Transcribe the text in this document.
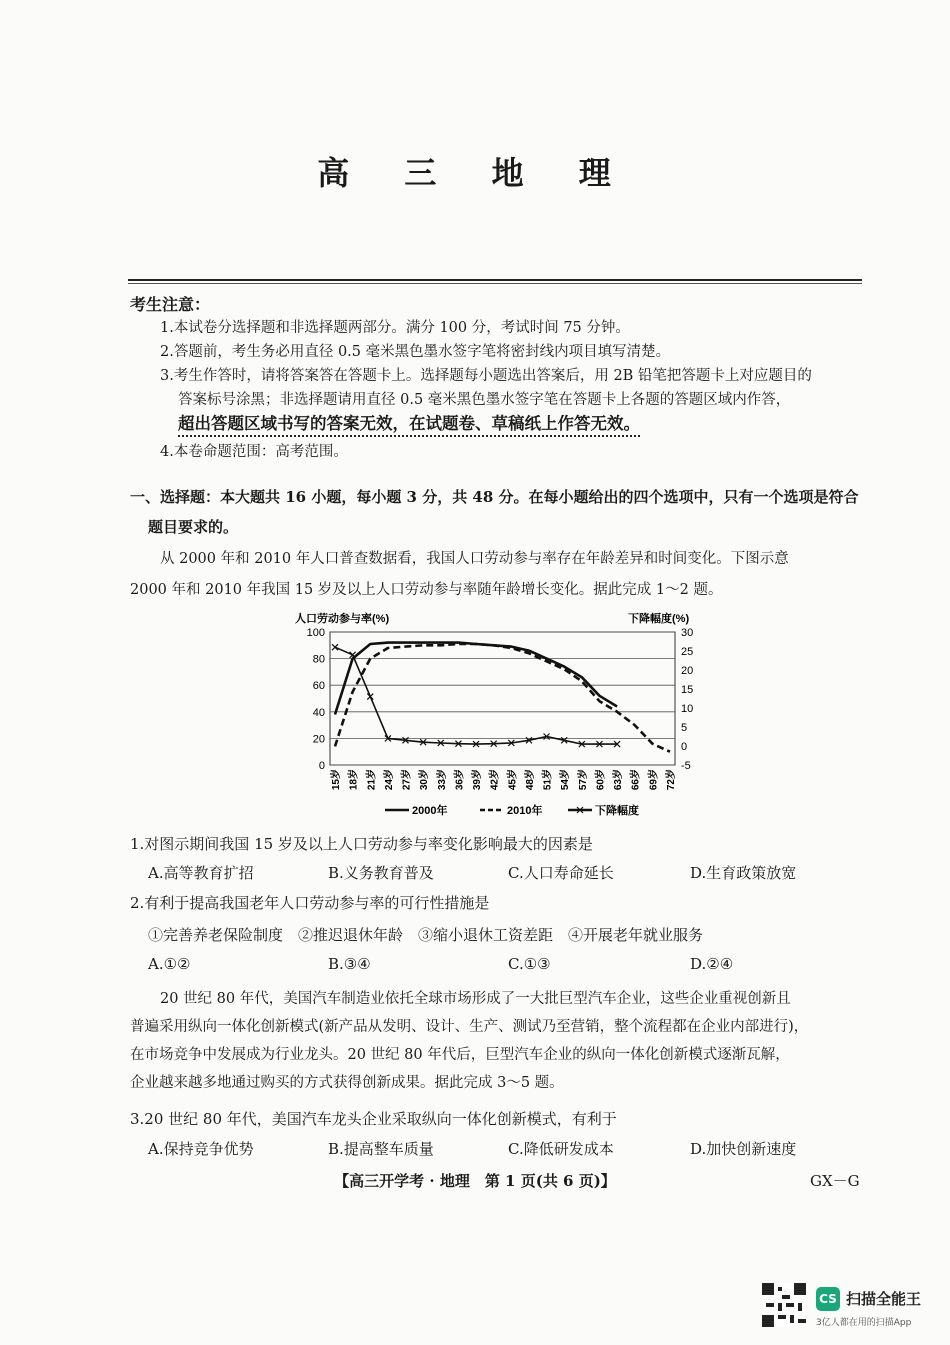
高 三 地 理
考生注意：
1.本试卷分选择题和非选择题两部分。满分 100 分，考试时间 75 分钟。
2.答题前，考生务必用直径 0.5 毫米黑色墨水签字笔将密封线内项目填写清楚。
3.考生作答时，请将答案答在答题卡上。选择题每小题选出答案后，用 2B 铅笔把答题卡上对应题目的
答案标号涂黑；非选择题请用直径 0.5 毫米黑色墨水签字笔在答题卡上各题的答题区域内作答，
超出答题区域书写的答案无效，在试题卷、草稿纸上作答无效。
4.本卷命题范围：高考范围。
一、选择题：本大题共 16 小题，每小题 3 分，共 48 分。在每小题给出的四个选项中，只有一个选项是符合
题目要求的。
从 2000 年和 2010 年人口普查数据看，我国人口劳动参与率存在年龄差异和时间变化。下图示意
2000 年和 2010 年我国 15 岁及以上人口劳动参与率随年龄增长变化。据此完成 1～2 题。
人口劳动参与率(%)	下降幅度(%)
0
20
40
60
80
100
-5
0
5
10
15
20
25
30
15岁 18岁 21岁 24岁 27岁 30岁 33岁 36岁 39岁 42岁 45岁 48岁 51岁 54岁 57岁 60岁 63岁 66岁 69岁 72岁
2000年	2010年	下降幅度
1.对图示期间我国 15 岁及以上人口劳动参与率变化影响最大的因素是
A.高等教育扩招	B.义务教育普及	C.人口寿命延长	D.生育政策放宽
2.有利于提高我国老年人口劳动参与率的可行性措施是
①完善养老保险制度　②推迟退休年龄　③缩小退休工资差距　④开展老年就业服务
A.①②	B.③④	C.①③	D.②④
20 世纪 80 年代，美国汽车制造业依托全球市场形成了一大批巨型汽车企业，这些企业重视创新且
普遍采用纵向一体化创新模式(新产品从发明、设计、生产、测试乃至营销，整个流程都在企业内部进行)，
在市场竞争中发展成为行业龙头。20 世纪 80 年代后，巨型汽车企业的纵向一体化创新模式逐渐瓦解，
企业越来越多地通过购买的方式获得创新成果。据此完成 3～5 题。
3.20 世纪 80 年代，美国汽车龙头企业采取纵向一体化创新模式，有利于
A.保持竞争优势	B.提高整车质量	C.降低研发成本	D.加快创新速度
【高三开学考 · 地理　第 1 页(共 6 页)】	GX－G
CS 扫描全能王
3亿人都在用的扫描App
